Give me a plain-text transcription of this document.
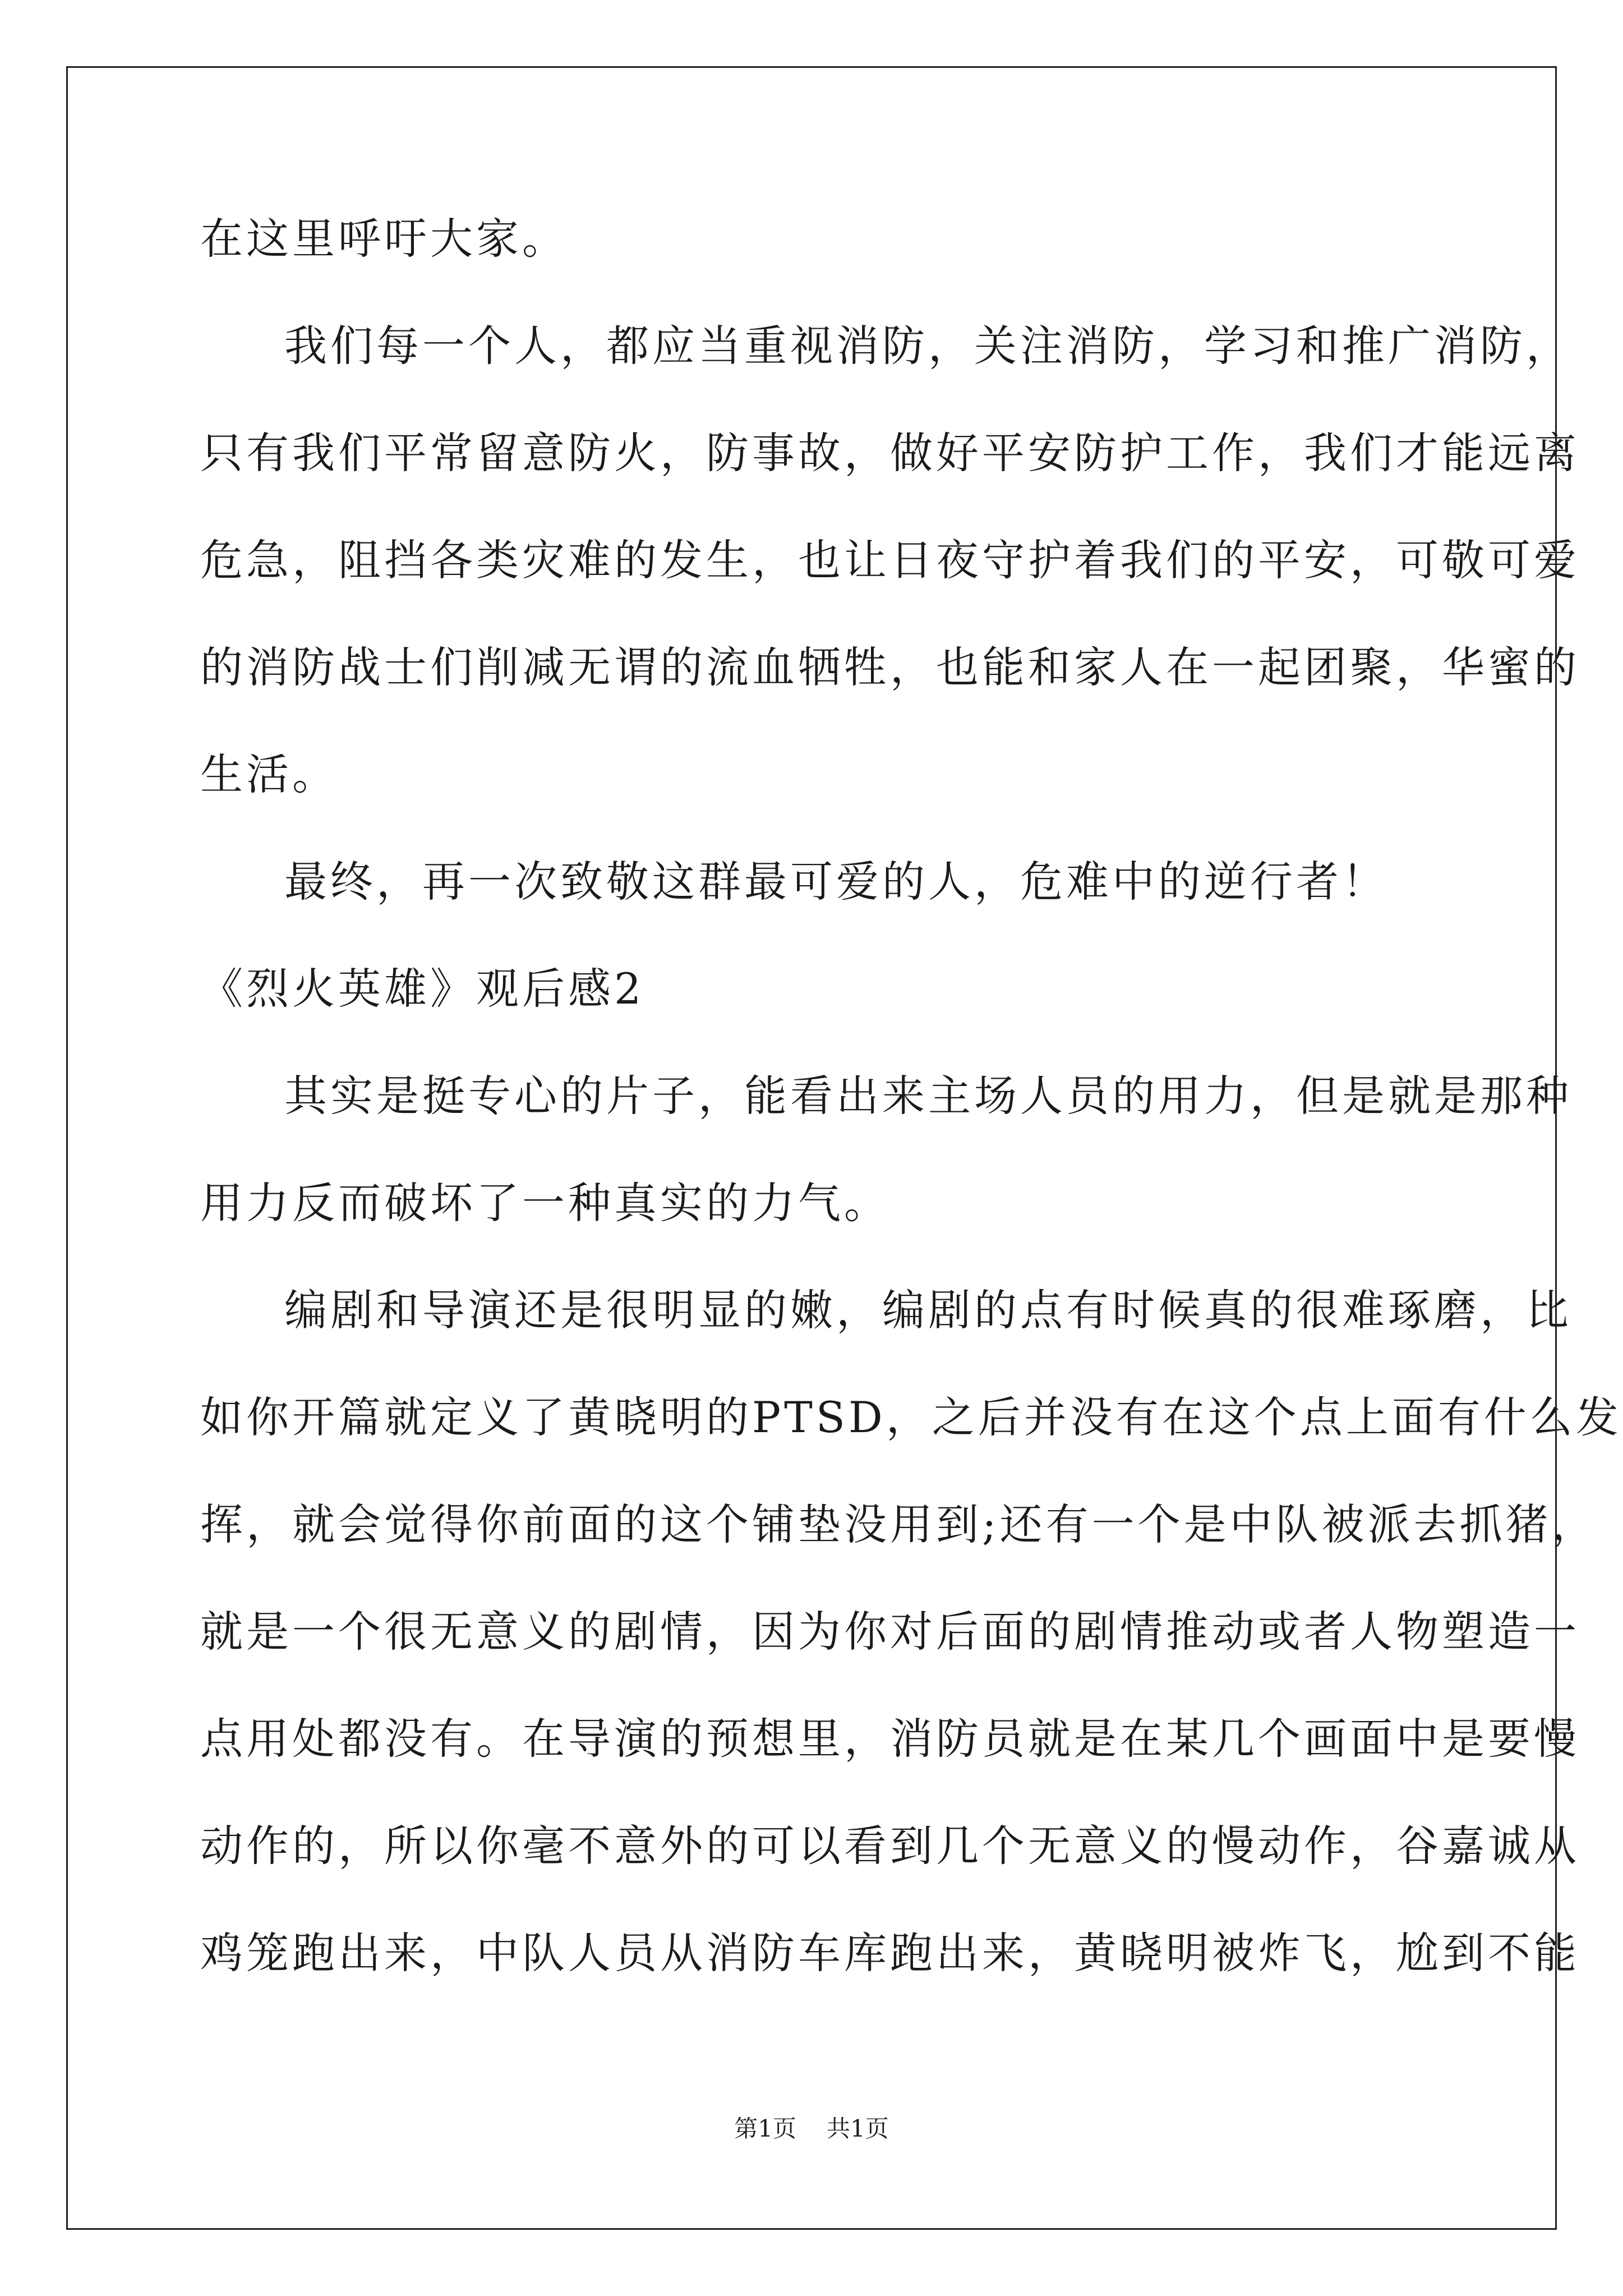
在这里呼吁大家。
我们每一个人，都应当重视消防，关注消防，学习和推广消防，
只有我们平常留意防火，防事故，做好平安防护工作，我们才能远离
危急，阻挡各类灾难的发生，也让日夜守护着我们的平安，可敬可爱
的消防战士们削减无谓的流血牺牲，也能和家人在一起团聚，华蜜的
生活。
最终，再一次致敬这群最可爱的人，危难中的逆行者！
《烈火英雄》观后感2
其实是挺专心的片子，能看出来主场人员的用力，但是就是那种
用力反而破坏了一种真实的力气。
编剧和导演还是很明显的嫩，编剧的点有时候真的很难琢磨，比
如你开篇就定义了黄晓明的PTSD，之后并没有在这个点上面有什么发
挥，就会觉得你前面的这个铺垫没用到;还有一个是中队被派去抓猪，
就是一个很无意义的剧情，因为你对后面的剧情推动或者人物塑造一
点用处都没有。在导演的预想里，消防员就是在某几个画面中是要慢
动作的，所以你毫不意外的可以看到几个无意义的慢动作，谷嘉诚从
鸡笼跑出来，中队人员从消防车库跑出来，黄晓明被炸飞，尬到不能
第1页 共1页
